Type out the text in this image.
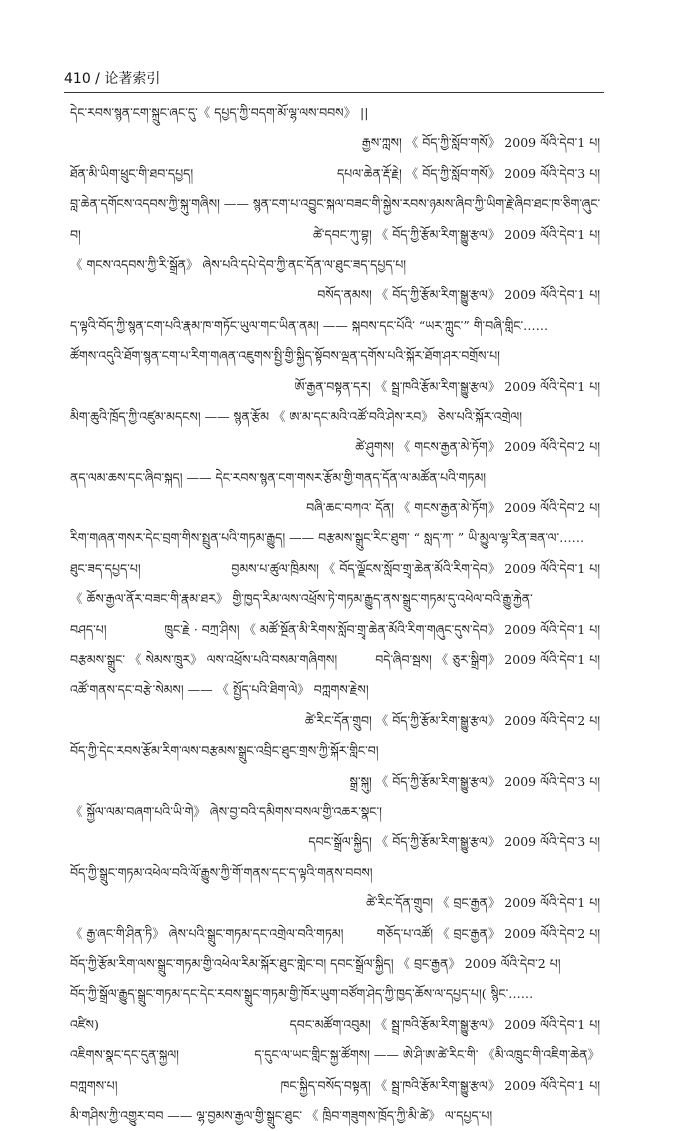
410 / 论著索引
དེང་རབས་སྙན་ངག་སྐྲུང་ཞང་དུ་《 དཔྱད་ཀྱི་བདག་མོ་ལྷ་ལས་བབས》 ||
རྒྱས་ཀླས། 《 བོད་ཀྱི་སློབ་གསོ》 2009 ལོའི་དེབ་1 པ།
ཐོན་མི་ཡིག་ཕྲུང་གི་ཐབ་དཔྱད།	དཔལ་ཆེན་རྡོ་རྗེ། 《 བོད་ཀྱི་སློབ་གསོ》 2009 ལོའི་དེབ་3 པ།
བླ་ཆེན་དགོངས་འདབས་ཀྱི་སྐུ་གཞིས། —— སྙན་ངག་པ་འབྱུང་སྐལ་བཟང་གི་སྐྱེས་རབས་ཉམས་ཞིབ་ཀྱི་ཡིག་རྗེ་ཞིབ་ཐང་ཁ་ཅིག་ཞུང་
བ།	ཚེ་དབང་ཀུ་བྷ། 《 བོད་ཀྱི་རྩོམ་རིག་སྒྱུ་རྩལ》 2009 ལོའི་དེབ་1 པ།
《 གངས་འདབས་ཀྱི་རི་སྒྲོན》 ཞེས་པའི་དཔེ་དེབ་ཀྱི་ནང་དོན་ལ་ཐུང་ཟད་དཔྱད་པ།
བསོད་ནམས། 《 བོད་ཀྱི་རྩོམ་རིག་སྒྱུ་རྩལ》 2009 ལོའི་དེབ་1 པ།
ད་ལྟའི་བོད་ཀྱི་སྙན་ངག་པའི་རྣམ་ཁ་གཏོང་ཡུལ་གང་ཡིན་ནམ། —— སྐབས་དང་པོའི་ “ཡར་ཀླུང་” གི་བཞི་གླིང་……
ཚོགས་འདུའི་ཐོག་སྙན་ངག་པ་རིག་གཞན་འཇུགས་སྤྱི་གྱི་སྐྱིད་སྟོབས་ལྡན་དགོས་པའི་སྐོར་ཐོག་ཤར་བགྲོས་པ།
ཨོ་རྒྱན་བསྟན་དར། 《 སྦྲ་ཁའི་རྩོམ་རིག་སྒྱུ་རྩལ》 2009 ལོའི་དེབ་1 པ།
མིག་ཆུའི་ཁྲོད་ཀྱི་འཛུམ་མདངས། —— སྙན་རྩོམ 《 ཨ་མ་དང་མའི་འཚོ་བའི་ཤེས་རབ》 ཅེས་པའི་སྐོར་འགྲེལ།
ཚེ་ཤུགས། 《 གངས་རྒྱན་མེ་ཏོག》 2009 ལོའི་དེབ་2 པ།
ནད་ལམ་ཆས་དང་ཞིབ་སྐད། —— དེང་རབས་སྙན་ངག་གསར་རྩོམ་གྱི་གནད་དོན་ལ་མཚོན་པའི་གཏམ།
བཞི་ཆང་བཀའ་ དོན། 《 གངས་རྒྱན་མེ་ཏོག》 2009 ལོའི་དེབ་2 པ།
རིག་གཞན་གསར་དེང་བྲག་གིས་སྤྲུན་པའི་གཏམ་རྒྱུད། —— བརྩམས་སྒྲུང་རིང་ཐུག་ “ སླད་ཀ་ ” ཡི་མྱུལ་ལྷ་རིན་ཟན་ལ་……
ཐུང་ཟད་དཔྱད་པ།	བྱམས་པ་ཚུལ་ཁྲིམས། 《 བོད་ལྗོངས་སློབ་གྲྭ་ཆེན་མོའི་རིག་དེབ》 2009 ལོའི་དེབ་1 པ།
《 ཆོས་རྒྱལ་ནོར་བཟང་གི་རྣམ་ཐར》 གྱི་ཁྱད་རིམ་ལས་འཕྲོས་ཏེ་གཏམ་རྒྱུད་ནས་སྒྲུང་གཏམ་དུ་འཕེལ་བའི་རྒྱུ་རྐྱེན་
བཤད་པ།	ཁྲུང་རྗེ · བཀྲ་ཤིས། 《 མཚོ་སྔོན་མི་རིགས་སློབ་གྲྭ་ཆེན་མོའི་རིག་གཞུང་དུས་དེབ》 2009 ལོའི་དེབ་1 པ།
བརྩམས་སྒྲུང་ 《 སེམས་ཁྲུར》 ལས་འཕྲོས་པའི་བསམ་གཞིགས།	བདེ་ཞིབ་སྦས། 《 ཅུར་སྒྲིག》 2009 ལོའི་དེབ་1 པ།
འཚོ་གནས་དང་བརྩེ་སེམས། —— 《 སྤྱོད་པའི་ཐིག་ལེ》 བཀླགས་རྗེས།
ཚེ་རིང་དོན་གྲུབ། 《 བོད་ཀྱི་རྩོམ་རིག་སྒྱུ་རྩལ》 2009 ལོའི་དེབ་2 པ།
བོད་ཀྱི་དེང་རབས་རྩོམ་རིག་ལས་བརྩམས་སྒྲུང་འབྲིང་ཐུང་གྲས་ཀྱི་སྐོར་གླིང་བ།
སྒྲ་སྐུ། 《 བོད་ཀྱི་རྩོམ་རིག་སྒྱུ་རྩལ》 2009 ལོའི་དེབ་3 པ།
《 སྐྱོལ་ལམ་བཞག་པའི་ཡི་གེ》 ཞེས་བྱ་བའི་དམིགས་བསལ་གྱི་འཆར་སྣང་།
དབང་སྒྲོལ་སྐྱིད། 《 བོད་ཀྱི་རྩོམ་རིག་སྒྱུ་རྩལ》 2009 ལོའི་དེབ་3 པ།
བོད་ཀྱི་སྒྲུང་གཏམ་འཕེལ་བའི་ལོ་རྒྱུས་ཀྱི་གོ་གནས་དང་ད་ལྟའི་གནས་བབས།
ཚེ་རིང་དོན་གྲུབ། 《 བྲང་རྒྱན》 2009 ལོའི་དེབ་1 པ།
《 རྒྱ་ཞང་གི་ཤིན་ཏི》 ཞེས་པའི་སྒྲུང་གཏམ་དང་འགྲེལ་བའི་གཏམ།	གཅོད་པ་འཚོ། 《 བྲང་རྒྱན》 2009 ལོའི་དེབ་2 པ།
བོད་ཀྱི་རྩོམ་རིག་ལས་སྒྲུང་གཏམ་གྱི་འཕེལ་རིམ་སྐོར་ཐུང་གླེང་བ། དབང་སྒྲོལ་སྐྱིད། 《 བྲང་རྒྱན》 2009 ལོའི་དེབ་2 པ།
བོད་ཀྱི་སྒྲོལ་རྒྱུད་སྒྲུང་གཏམ་དང་དེང་རབས་སྒྲུང་གཏམ་གྱི་ཁོར་ཡུག་བཙོག་ཤེད་ཀྱི་ཁྱད་ཆོས་ལ་དཔྱད་པ།( སྙིང་……
འཛིས)	དབང་མཚོག་འབུམ། 《 སྦྲ་ཁའི་རྩོམ་རིག་སྒྱུ་རྩལ》 2009 ལོའི་དེབ་1 པ།
འཇིགས་སྣང་དང་དུན་སྐྱལ།	ད་དུང་ལ་ཡང་གླིང་སྐྱ་ཚོགས། —— ཨེ་ཤི་ཨ་ཚེ་རིང་གི་ 《མི་འཁྲུང་གི་འཇིག་ཆེན》
བཀླགས་པ།	ཁང་སྐྱིད་བསོད་བསྟན། 《 སྦྲ་ཁའི་རྩོམ་རིག་སྒྱུ་རྩལ》 2009 ལོའི་དེབ་1 པ།
མི་གཤིས་ཀྱི་འགྱུར་བབ —— ལྷ་བྱམས་རྒྱལ་གྱི་སྒྲུང་ཐུང་ 《 ཁྲིབ་གཟུགས་ཁྲོད་ཀྱི་མི་ཚེ》 ལ་དཔྱད་པ།
